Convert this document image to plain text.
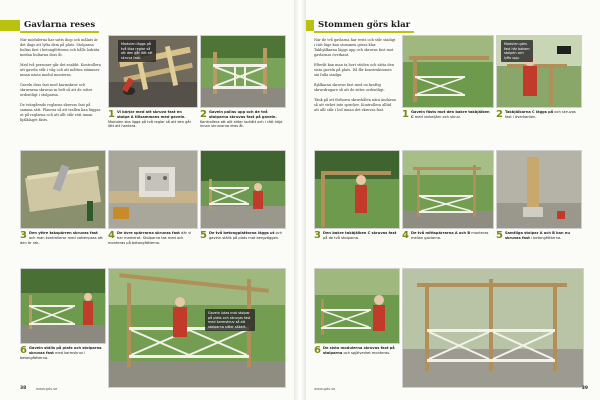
Gavlarna reses

När modulerna har satts ihop och målats är det dags att lyfta dem på plats. Stolparna bultas fast i betongfötterna och hålls lodräta medan bultarna dras åt.

Med två personer går det snabbt. Kontrollera att gaveln står i våg och att måtten stämmer innan nästa modul monteras.

Gaveln dras fast med karmskruv och skruvarna skruvas in helt så att de sitter ordentligt i stolparna.

De tvärgående reglarna skruvas fast på samma sätt. Planera så att trallen kan läggas ut på reglarna och att allt står rätt innan bjälklaget fästs.

Modulen läggs på två lösa reglar så att den går lätt att skruva fast.
1 Vi börjar med att skruva fast en stolpe A tillsammans med gaveln. Modulen ska ligga på två reglar så att den går lätt att hantera.
2 Gaveln pallas upp och de två stolparna skruvas fast på gaveln. Kontrollera att allt sitter lodrätt och i rätt höjd innan skruvarna dras åt.
3 Den yttre takspärren skruvas fast och man kontrollerar med vattenpass att den är rak.
4 De övre spärrarna skruvas fast där vi har markerat. Stolparna tas med och monteras på betongfötterna.
5 De två betongplattorna läggs ut och gaveln ställs på plats mot bergväggen.
Gaveln lutas mot stolpar på plats och skruvas fast med karmskruv så att stolparna sitter säkert.
6 Gaveln ställs på plats och stolparna skruvas fast med karmskruv i betongfötterna.
38	www.gds.se
Stommen görs klar

När de två gavlarna har rests och står stadigt i rätt läge kan stommen göras klar. Takbjälkarna läggs upp och skruvas fast mot gavlarnas överkant.

Efteråt kan man ta bort stöden och sätta den sista gaveln på plats. Då får konstruktionen sin fulla stadga.

Bjälkarna skruvas fast med en kraftig skruvdragare så att de sitter ordentligt.

Tänk på att förborra skruvhålen nära ändarna så att virket inte spricker. Kontrollera alltid att allt står i lod innan det skruvas fast.

Modulen görs fast här bakom stolpen och lyfts upp.
1 Gaveln fästs mot den bakre takbjälken C med vinkeljärn och skruv.	2 Takbjälkarna C läggs på och skruvas fast i överkanten.
3 Den bakre takbjälken C skruvas fast på de två stolparna.	4 De två mittspärrarna A och B monteras mellan gavlarna.	5 Samtliga stolpar A och B kan nu skruvas fast i betongfötterna.
6 De sista modulerna skruvas fast på stolparna och spjälverket monteras.
www.gds.se	39
